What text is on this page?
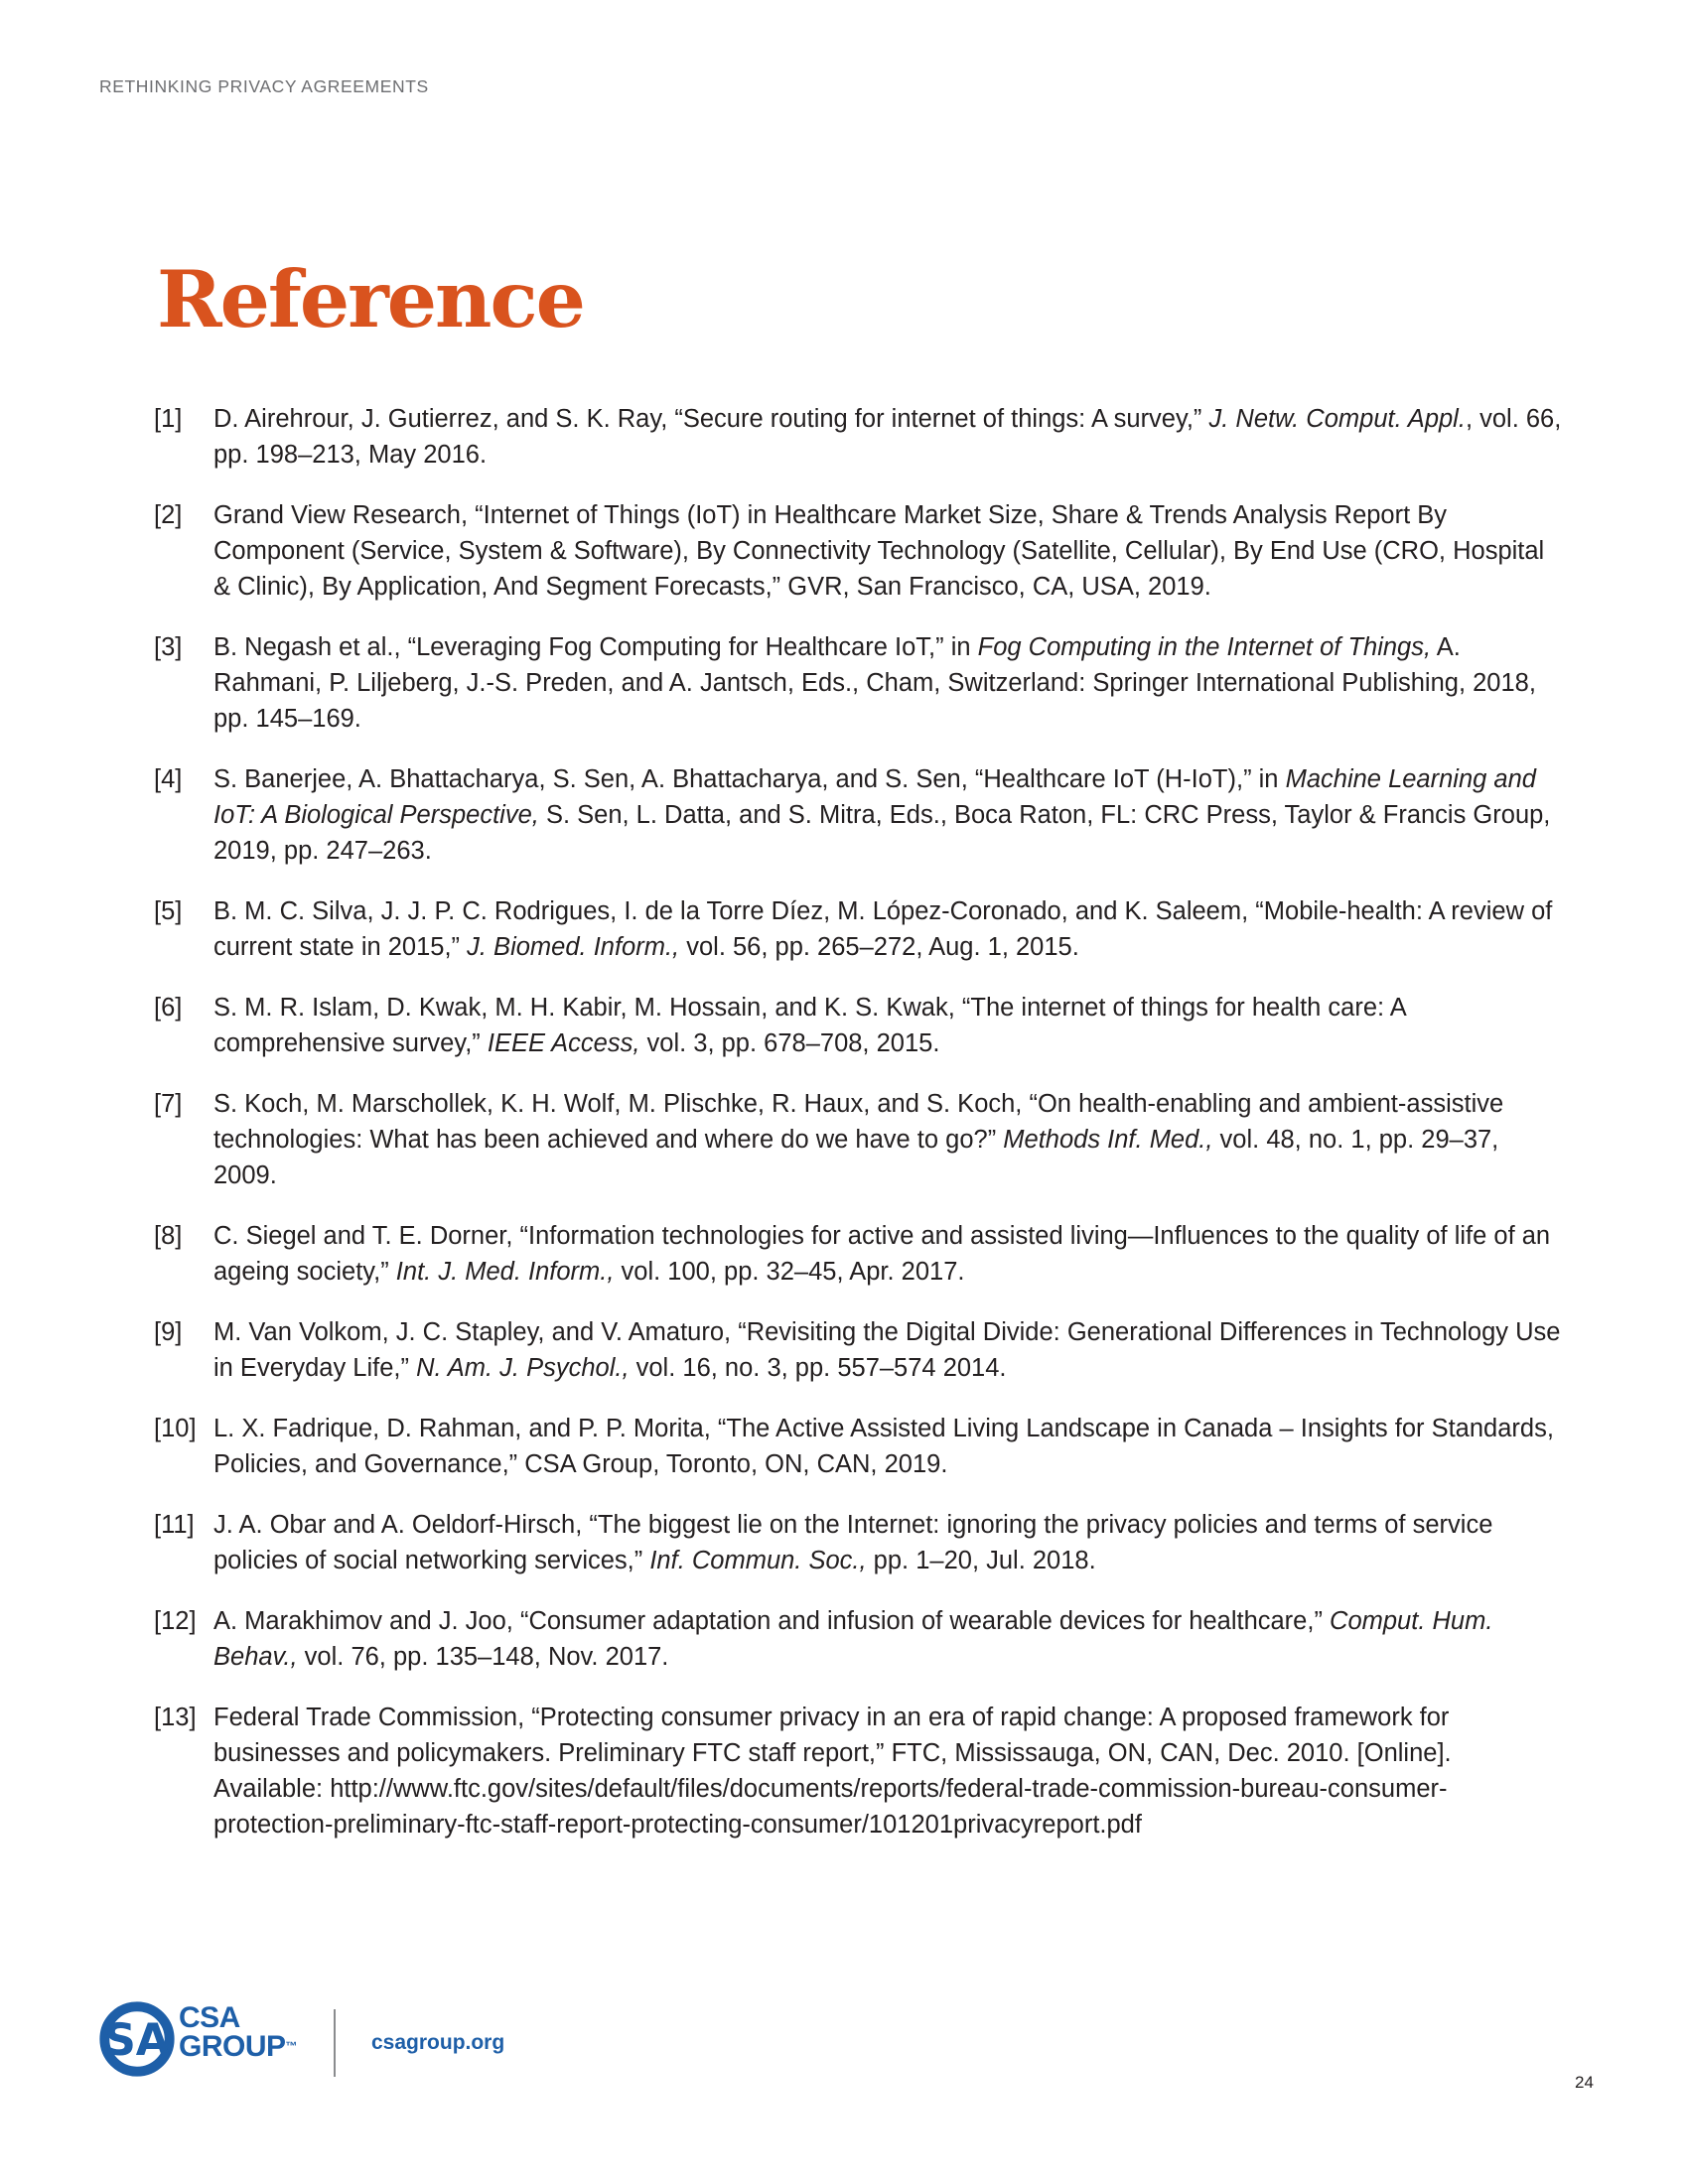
RETHINKING PRIVACY AGREEMENTS
Reference
[1] D. Airehrour, J. Gutierrez, and S. K. Ray, “Secure routing for internet of things: A survey,” J. Netw. Comput. Appl., vol. 66, pp. 198–213, May 2016.
[2] Grand View Research, “Internet of Things (IoT) in Healthcare Market Size, Share & Trends Analysis Report By Component (Service, System & Software), By Connectivity Technology (Satellite, Cellular), By End Use (CRO, Hospital & Clinic), By Application, And Segment Forecasts,” GVR, San Francisco, CA, USA, 2019.
[3] B. Negash et al., “Leveraging Fog Computing for Healthcare IoT,” in Fog Computing in the Internet of Things, A. Rahmani, P. Liljeberg, J.-S. Preden, and A. Jantsch, Eds., Cham, Switzerland: Springer International Publishing, 2018, pp. 145–169.
[4] S. Banerjee, A. Bhattacharya, S. Sen, A. Bhattacharya, and S. Sen, “Healthcare IoT (H-IoT),” in Machine Learning and IoT: A Biological Perspective, S. Sen, L. Datta, and S. Mitra, Eds., Boca Raton, FL: CRC Press, Taylor & Francis Group, 2019, pp. 247–263.
[5] B. M. C. Silva, J. J. P. C. Rodrigues, I. de la Torre Díez, M. López-Coronado, and K. Saleem, “Mobile-health: A review of current state in 2015,” J. Biomed. Inform., vol. 56, pp. 265–272, Aug. 1, 2015.
[6] S. M. R. Islam, D. Kwak, M. H. Kabir, M. Hossain, and K. S. Kwak, “The internet of things for health care: A comprehensive survey,” IEEE Access, vol. 3, pp. 678–708, 2015.
[7] S. Koch, M. Marschollek, K. H. Wolf, M. Plischke, R. Haux, and S. Koch, “On health-enabling and ambient-assistive technologies: What has been achieved and where do we have to go?” Methods Inf. Med., vol. 48, no. 1, pp. 29–37, 2009.
[8] C. Siegel and T. E. Dorner, “Information technologies for active and assisted living—Influences to the quality of life of an ageing society,” Int. J. Med. Inform., vol. 100, pp. 32–45, Apr. 2017.
[9] M. Van Volkom, J. C. Stapley, and V. Amaturo, “Revisiting the Digital Divide: Generational Differences in Technology Use in Everyday Life,” N. Am. J. Psychol., vol. 16, no. 3, pp. 557–574 2014.
[10] L. X. Fadrique, D. Rahman, and P. P. Morita, “The Active Assisted Living Landscape in Canada – Insights for Standards, Policies, and Governance,” CSA Group, Toronto, ON, CAN, 2019.
[11] J. A. Obar and A. Oeldorf-Hirsch, “The biggest lie on the Internet: ignoring the privacy policies and terms of service policies of social networking services,” Inf. Commun. Soc., pp. 1–20, Jul. 2018.
[12] A. Marakhimov and J. Joo, “Consumer adaptation and infusion of wearable devices for healthcare,” Comput. Hum. Behav., vol. 76, pp. 135–148, Nov. 2017.
[13] Federal Trade Commission, “Protecting consumer privacy in an era of rapid change: A proposed framework for businesses and policymakers. Preliminary FTC staff report,” FTC, Mississauga, ON, CAN, Dec. 2010. [Online]. Available: http://www.ftc.gov/sites/default/files/documents/reports/federal-trade-commission-bureau-consumer-protection-preliminary-ftc-staff-report-protecting-consumer/101201privacyreport.pdf
SA CSA
GROUP™	csagroup.org
24
